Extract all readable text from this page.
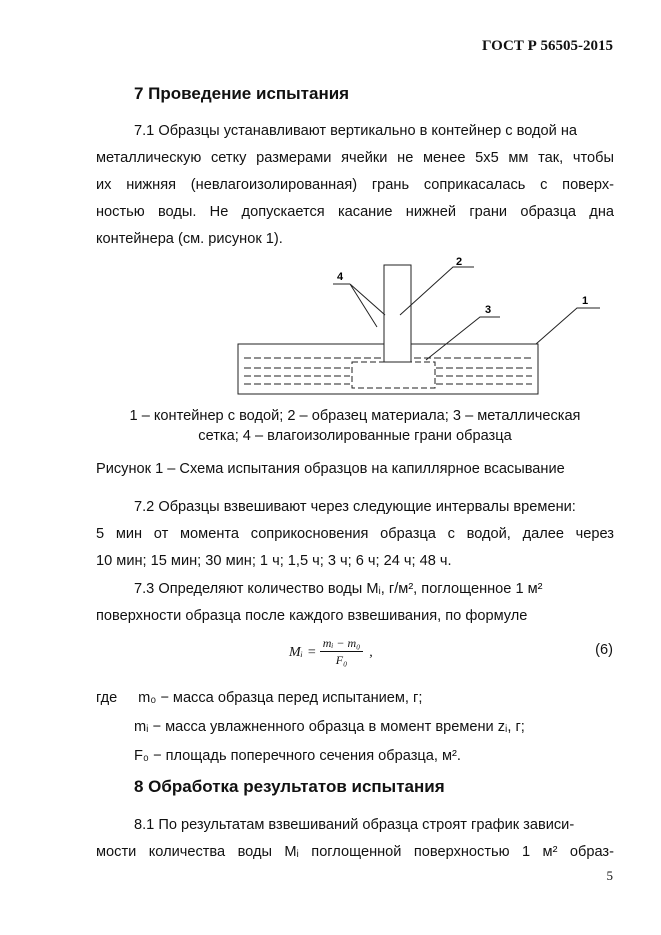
ГОСТ Р 56505-2015
7 Проведение испытания
7.1 Образцы устанавливают вертикально в контейнер с водой на
металлическую сетку размерами ячейки не менее 5x5 мм так, чтобы
их нижняя (невлагоизолированная) грань соприкасалась с поверх-
ностью воды. Не допускается касание нижней грани образца дна
контейнера (см. рисунок 1).
4
2
3
1
1 – контейнер с водой; 2 – образец материала; 3 – металлическая
сетка; 4 – влагоизолированные грани образца
Рисунок 1 – Схема испытания образцов на капиллярное всасывание
7.2 Образцы взвешивают через следующие интервалы времени:
5 мин от момента соприкосновения образца с водой, далее через
10 мин; 15 мин; 30 мин; 1 ч; 1,5 ч; 3 ч; 6 ч; 24 ч; 48 ч.
7.3 Определяют количество воды Mᵢ, г/м², поглощенное 1 м²
поверхности образца после каждого взвешивания, по формуле
Mᵢ	=	mᵢ − m₀	,
F₀
(6)
где m₀ − масса образца перед испытанием, г;
mᵢ − масса увлажненного образца в момент времени zᵢ, г;
F₀ − площадь поперечного сечения образца, м².
8 Обработка результатов испытания
8.1 По результатам взвешиваний образца строят график зависи-
мости количества воды Mᵢ поглощенной поверхностью 1 м² образ-
5
